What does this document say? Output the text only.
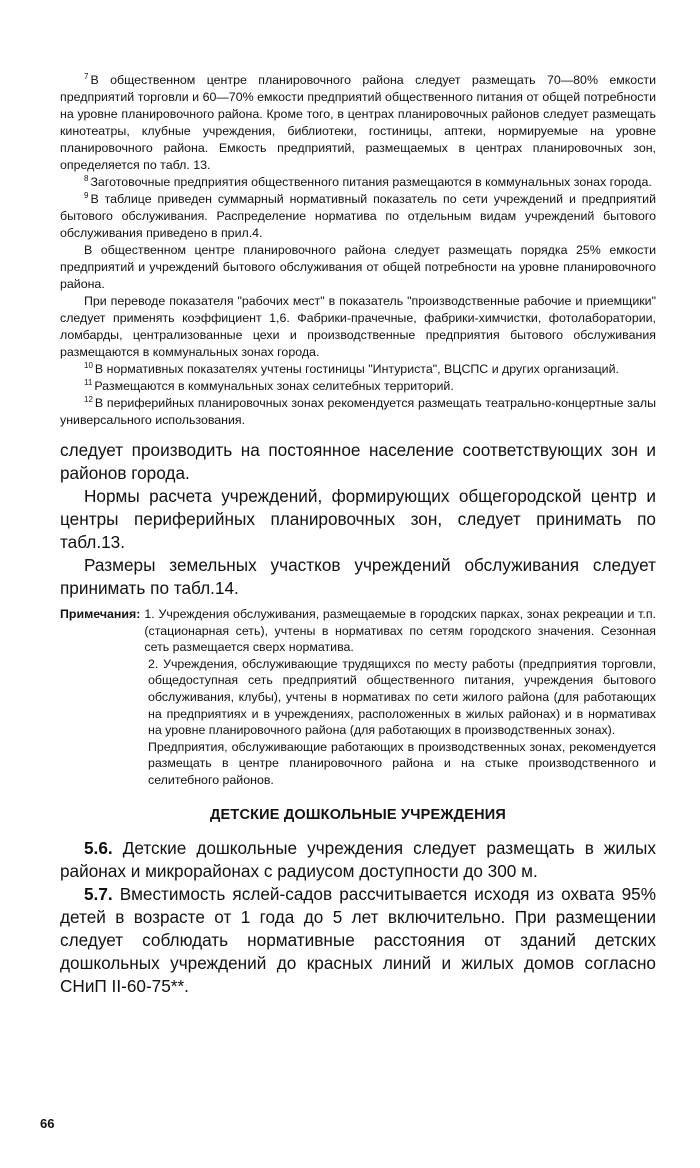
$^7$ В общественном центре планировочного района следует размещать 70—80% емкости предприятий торговли и 60—70% емкости предприятий общественного питания от общей потребности на уровне планировочного района. Кроме того, в центрах планировочных районов следует размещать кинотеатры, клубные учреждения, библиотеки, гостиницы, аптеки, нормируемые на уровне планировочного района. Емкость предприятий, размещаемых в центрах планировочных зон, определяется по табл. 13.

$^8$ Заготовочные предприятия общественного питания размещаются в коммунальных зонах города.

$^9$ В таблице приведен суммарный нормативный показатель по сети учреждений и предприятий бытового обслуживания. Распределение норматива по отдельным видам учреждений бытового обслуживания приведено в прил.4.

В общественном центре планировочного района следует размещать порядка 25% емкости предприятий и учреждений бытового обслуживания от общей потребности на уровне планировочного района.

При переводе показателя "рабочих мест" в показатель "производственные рабочие и приемщики" следует применять коэффициент 1,6. Фабрики-прачечные, фабрики-химчистки, фотолаборатории, ломбарды, централизованные цехи и производственные предприятия бытового обслуживания размещаются в коммунальных зонах города.

$^{10}$ В нормативных показателях учтены гостиницы "Интуриста", ВЦСПС и других организаций.

$^{11}$ Размещаются в коммунальных зонах селитебных территорий.

$^{12}$ В периферийных планировочных зонах рекомендуется размещать театрально-концертные залы универсального использования.

следует производить на постоянное население соответствующих зон и районов города.

Нормы расчета учреждений, формирующих общегородской центр и центры периферийных планировочных зон, следует принимать по табл.13.

Размеры земельных участков учреждений обслуживания следует принимать по табл.14.

Примечания: 1. Учреждения обслуживания, размещаемые в городских парках, зонах рекреации и т.п. (стационарная сеть), учтены в нормативах по сетям городского значения. Сезонная сеть размещается сверх норматива.

2. Учреждения, обслуживающие трудящихся по месту работы (предприятия торговли, общедоступная сеть предприятий общественного питания, учреждения бытового обслуживания, клубы), учтены в нормативах по сети жилого района (для работающих на предприятиях и в учреждениях, расположенных в жилых районах) и в нормативах на уровне планировочного района (для работающих в производственных зонах).

Предприятия, обслуживающие работающих в производственных зонах, рекомендуется размещать в центре планировочного района и на стыке производственного и селитебного районов.

ДЕТСКИЕ ДОШКОЛЬНЫЕ УЧРЕЖДЕНИЯ

5.6. Детские дошкольные учреждения следует размещать в жилых районах и микрорайонах с радиусом доступности до 300 м.

5.7. Вместимость яслей-садов рассчитывается исходя из охвата 95% детей в возрасте от 1 года до 5 лет включительно. При размещении следует соблюдать нормативные расстояния от зданий детских дошкольных учреждений до красных линий и жилых домов согласно СНиП II-60-75**.

66
